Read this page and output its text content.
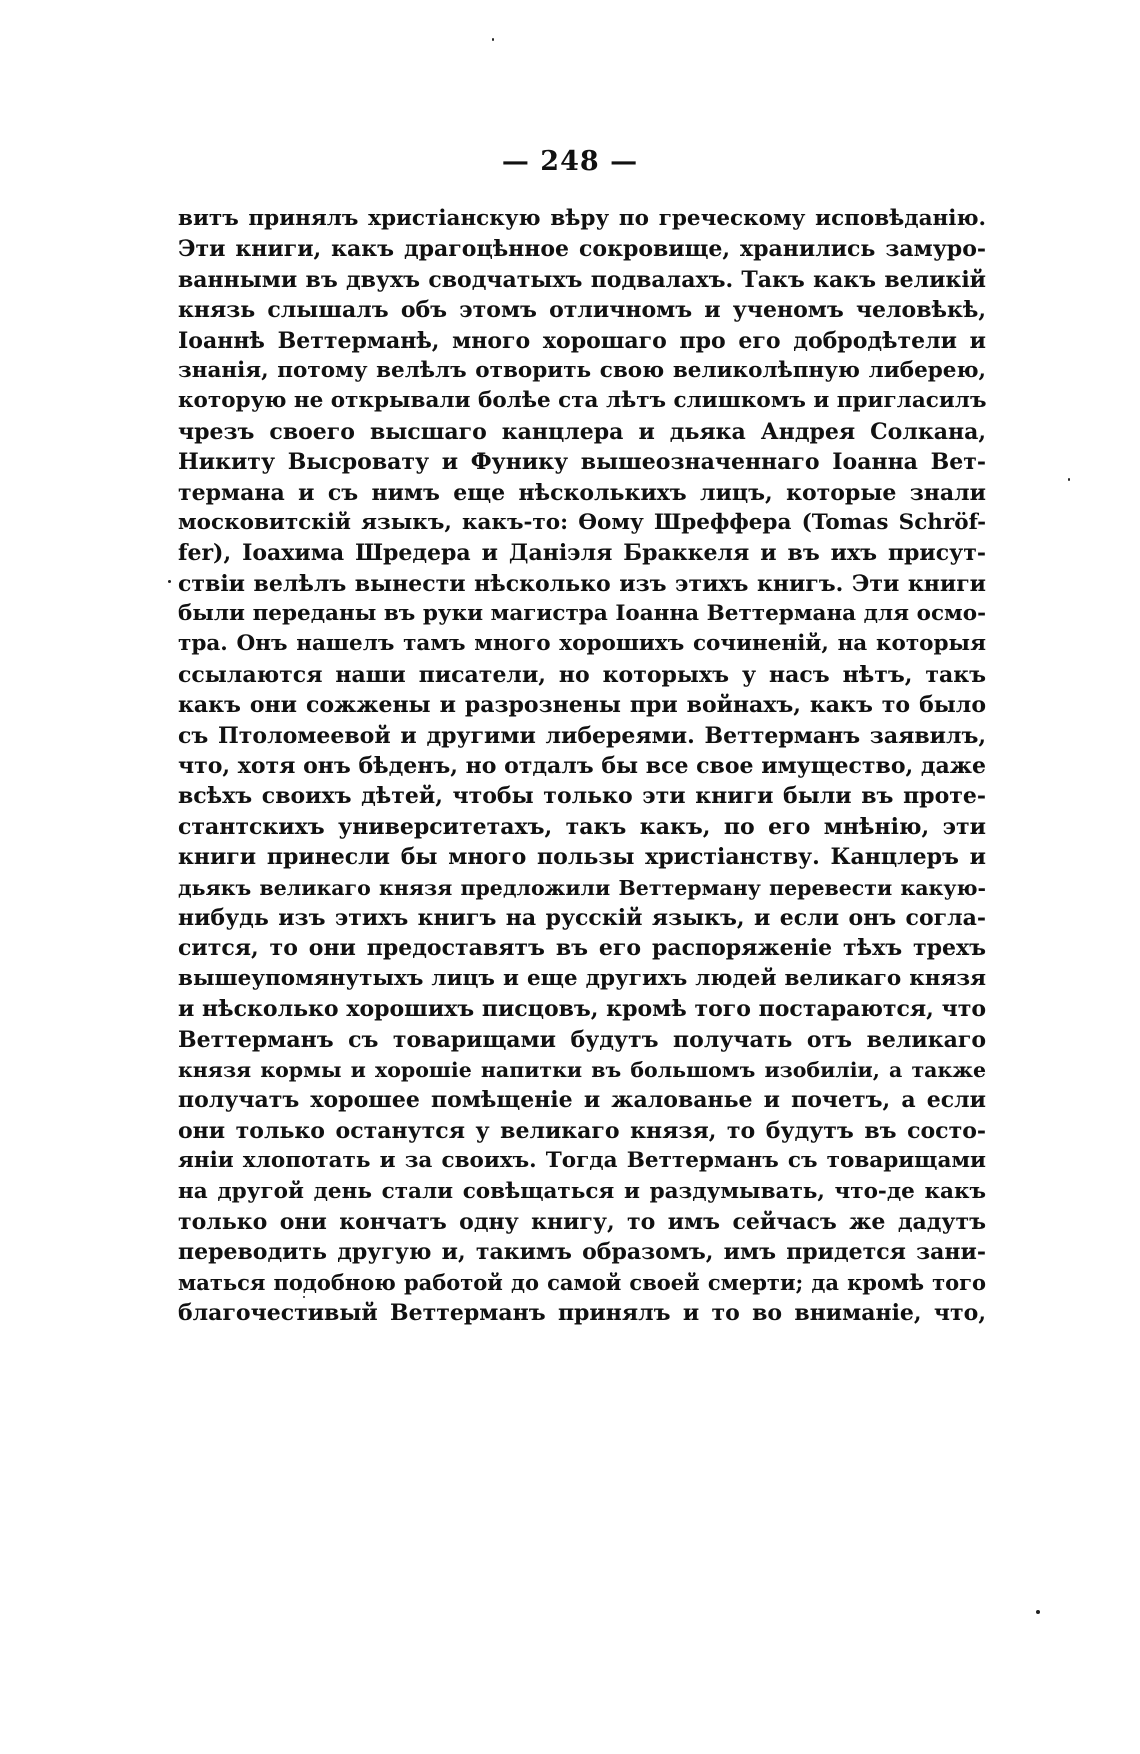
— 248 —
витъ принялъ христіанскую вѣру по греческому исповѣданію.
Эти книги, какъ драгоцѣнное сокровище, хранились замуро-
ванными въ двухъ сводчатыхъ подвалахъ. Такъ какъ великій
князь слышалъ объ этомъ отличномъ и ученомъ человѣкѣ,
Іоаннѣ Веттерманѣ, много хорошаго про его добродѣтели и
знанія, потому велѣлъ отворить свою великолѣпную либерею,
которую не открывали болѣе ста лѣтъ слишкомъ и пригласилъ
чрезъ своего высшаго канцлера и дьяка Андрея Солкана,
Никиту Высровату и Фунику вышеозначеннаго Іоанна Вет-
термана и съ нимъ еще нѣсколькихъ лицъ, которые знали
московитскій языкъ, какъ-то: Ѳому Шреффера (Tomas Schröf-
fer), Іоахима Шредера и Даніэля Браккеля и въ ихъ присут-
ствіи велѣлъ вынести нѣсколько изъ этихъ книгъ. Эти книги
были переданы въ руки магистра Іоанна Веттермана для осмо-
тра. Онъ нашелъ тамъ много хорошихъ сочиненій, на которыя
ссылаются наши писатели, но которыхъ у насъ нѣтъ, такъ
какъ они сожжены и разрознены при войнахъ, какъ то было
съ Птоломеевой и другими либереями. Веттерманъ заявилъ,
что, хотя онъ бѣденъ, но отдалъ бы все свое имущество, даже
всѣхъ своихъ дѣтей, чтобы только эти книги были въ проте-
стантскихъ университетахъ, такъ какъ, по его мнѣнію, эти
книги принесли бы много пользы христіанству. Канцлеръ и
дьякъ великаго князя предложили Веттерману перевести какую-
нибудь изъ этихъ книгъ на русскій языкъ, и если онъ согла-
сится, то они предоставятъ въ его распоряженіе тѣхъ трехъ
вышеупомянутыхъ лицъ и еще другихъ людей великаго князя
и нѣсколько хорошихъ писцовъ, кромѣ того постараются, что
Веттерманъ съ товарищами будутъ получать отъ великаго
князя кормы и хорошіе напитки въ большомъ изобиліи, а также
получатъ хорошее помѣщеніе и жалованье и почетъ, а если
они только останутся у великаго князя, то будутъ въ состо-
яніи хлопотать и за своихъ. Тогда Веттерманъ съ товарищами
на другой день стали совѣщаться и раздумывать, что-де какъ
только они кончатъ одну книгу, то имъ сейчасъ же дадутъ
переводить другую и, такимъ образомъ, имъ придется зани-
маться подобною работой до самой своей смерти; да кромѣ того
благочестивый Веттерманъ принялъ и то во вниманіе, что,
